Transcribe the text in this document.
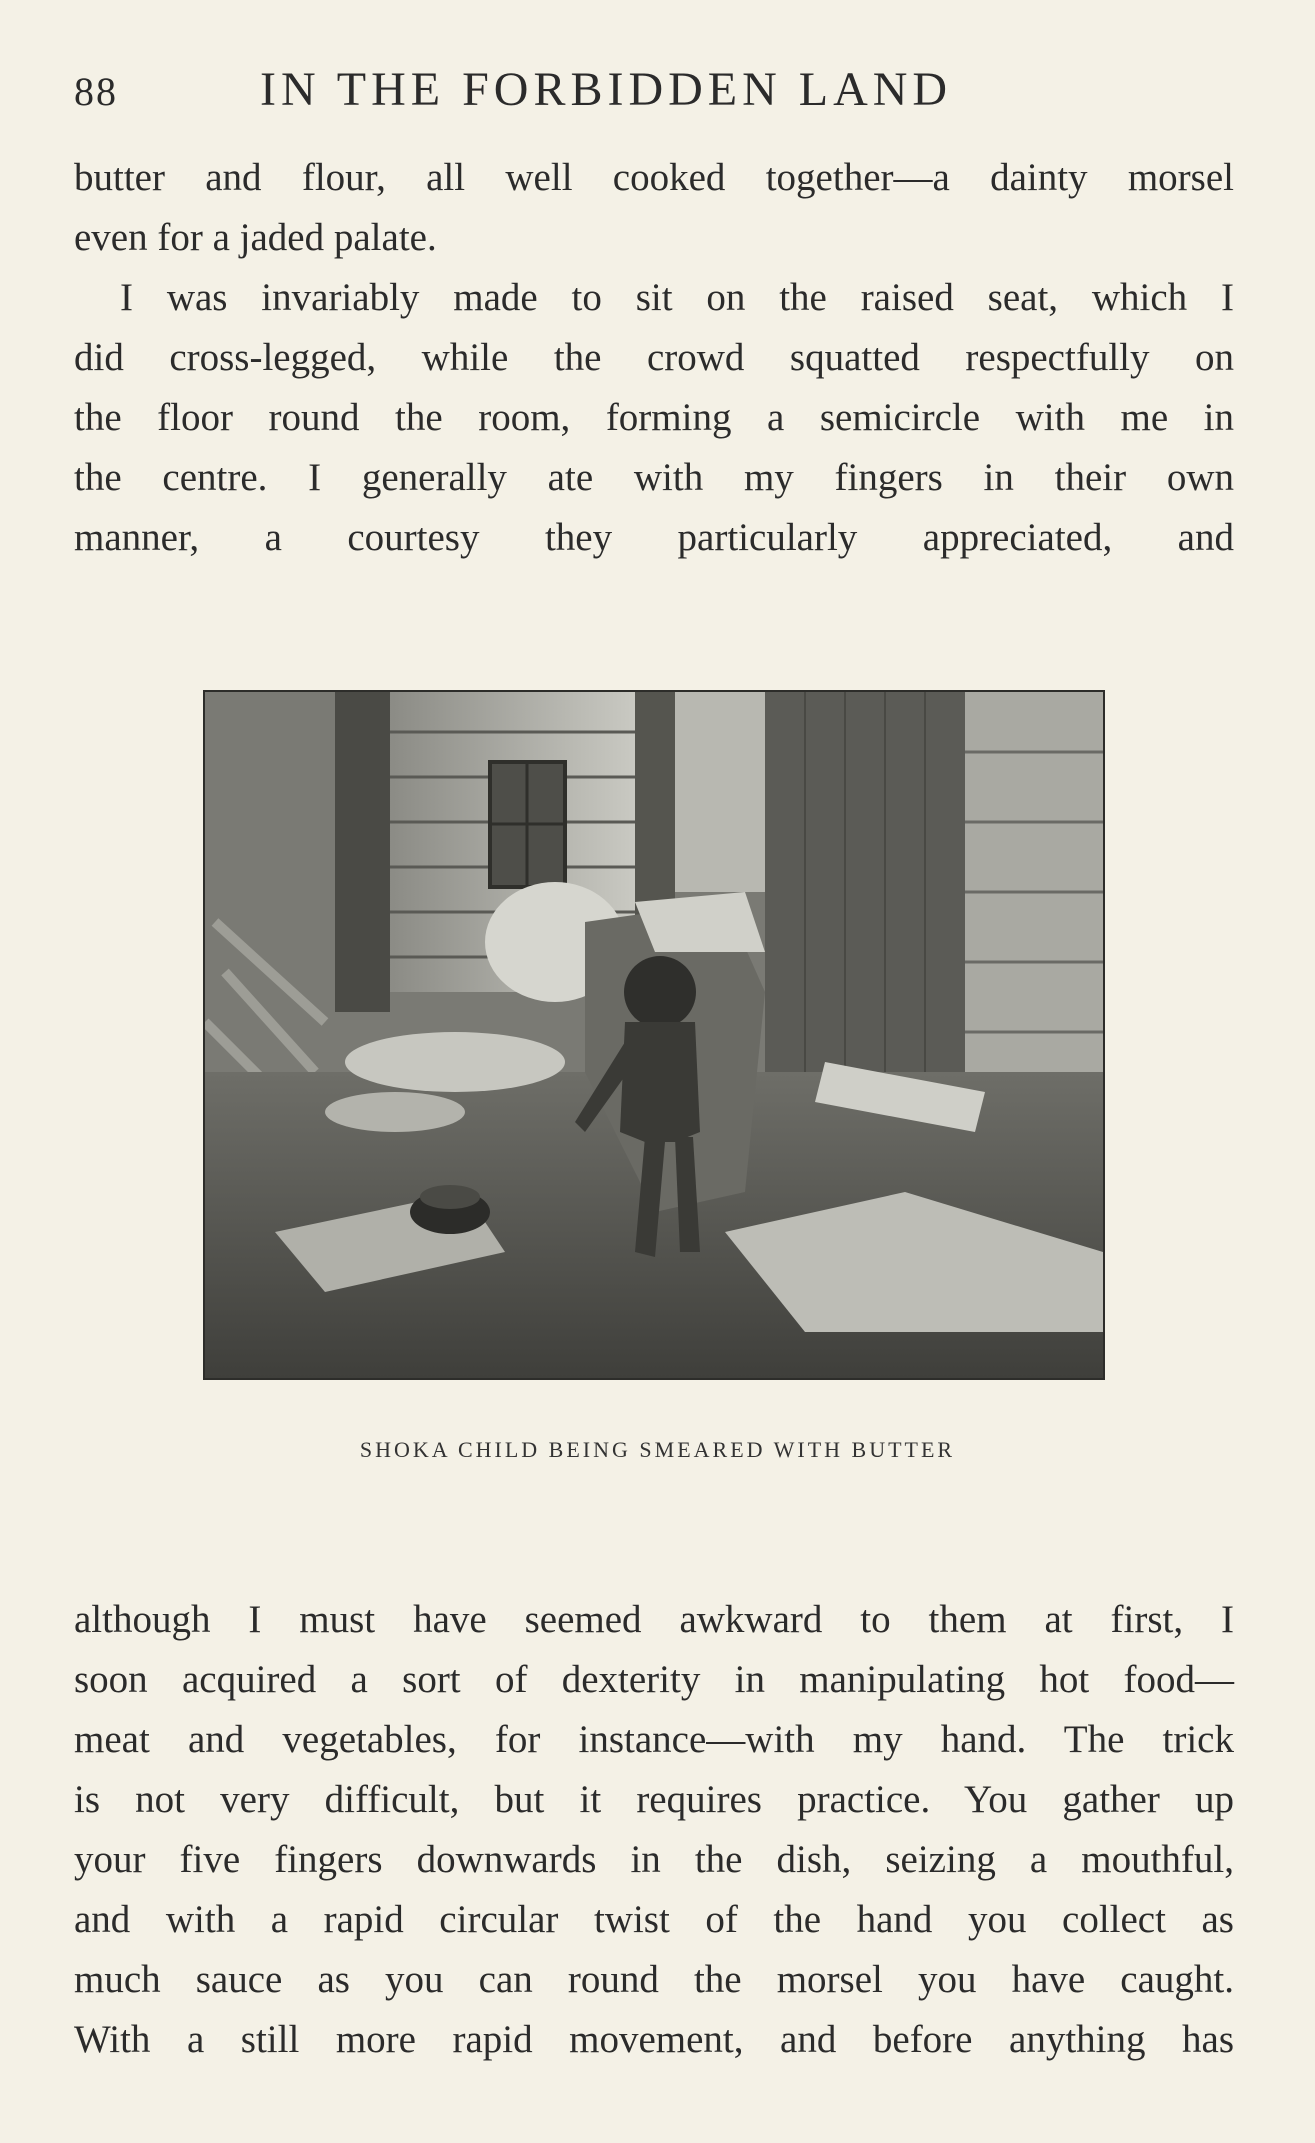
88	IN THE FORBIDDEN LAND
butter and flour, all well cooked together—a dainty morsel
even for a jaded palate.
I was invariably made to sit on the raised seat, which I
did cross-legged, while the crowd squatted respectfully on
the floor round the room, forming a semicircle with me in
the centre. I generally ate with my fingers in their own
manner, a courtesy they particularly appreciated, and
SHOKA CHILD BEING SMEARED WITH BUTTER
although I must have seemed awkward to them at first, I
soon acquired a sort of dexterity in manipulating hot food—
meat and vegetables, for instance—with my hand. The trick
is not very difficult, but it requires practice. You gather up
your five fingers downwards in the dish, seizing a mouthful,
and with a rapid circular twist of the hand you collect as
much sauce as you can round the morsel you have caught.
With a still more rapid movement, and before anything has
